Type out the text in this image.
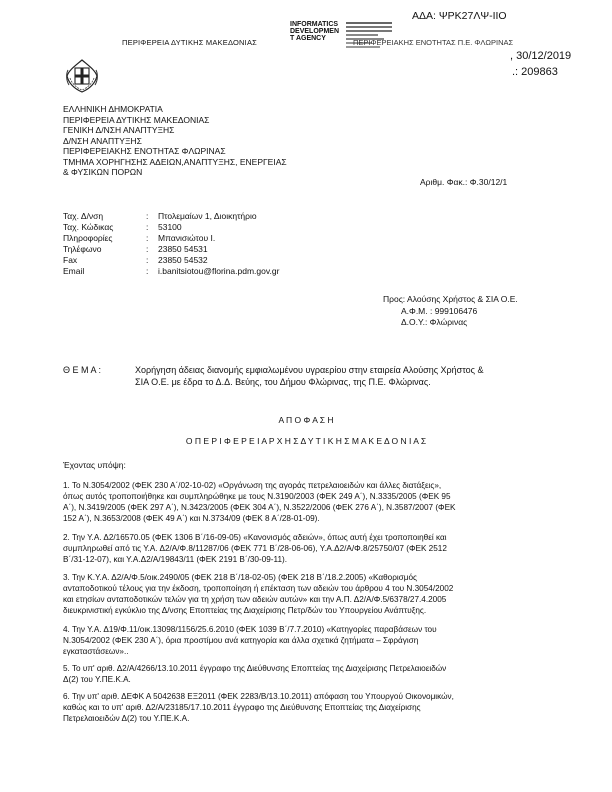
ΑΔΑ: ΨΡΚ27ΛΨ-ΙΙΟ
ΠΕΡΙΦΕΡΕΙΑ ΔΥΤΙΚΗΣ ΜΑΚΕΔΟΝΙΑΣ
INFORMATICS
DEVELOPMEN
T AGENCY	ΠΕΡΙΦΕΡΕΙΑΚΗΣ ΕΝΟΤΗΤΑΣ Π.Ε. ΦΛΩΡΙΝΑΣ
, 30/12/2019
.: 209863
ΕΛΛΗΝΙΚΗ ΔΗΜΟΚΡΑΤΙΑ
ΠΕΡΙΦΕΡΕΙΑ ΔΥΤΙΚΗΣ ΜΑΚΕΔΟΝΙΑΣ
ΓΕΝΙΚΗ Δ/ΝΣΗ ΑΝΑΠΤΥΞΗΣ
Δ/ΝΣΗ ΑΝΑΠΤΥΞΗΣ
ΠΕΡΙΦΕΡΕΙΑΚΗΣ ΕΝΟΤΗΤΑΣ ΦΛΩΡΙΝΑΣ
ΤΜΗΜΑ ΧΟΡΗΓΗΣΗΣ ΑΔΕΙΩΝ,ΑΝΑΠΤΥΞΗΣ, ΕΝΕΡΓΕΙΑΣ
& ΦΥΣΙΚΩΝ ΠΟΡΩΝ
Αριθμ. Φακ.: Φ.30/12/1
Ταχ. Δ/νση	:	Πτολεμαίων 1, Διοικητήριο
Ταχ. Κώδικας	:	53100
Πληροφορίες	:	Μπανισιώτου Ι.
Τηλέφωνο	:	23850 54531
Fax	:	23850 54532
Email	:	i.banitsiotou@florina.pdm.gov.gr
Προς: Αλούσης Χρήστος & ΣΙΑ Ο.Ε.
Α.Φ.Μ. : 999106476
Δ.Ο.Υ.: Φλώρινας
Θ Ε Μ Α :	Χορήγηση άδειας διανομής εμφιαλωμένου υγραερίου στην εταιρεία Αλούσης Χρήστος &
ΣΙΑ Ο.Ε. με έδρα το Δ.Δ. Βεύης, του Δήμου Φλώρινας, της Π.Ε. Φλώρινας.
Α Π Ο Φ Α Σ Η
Ο Π Ε Ρ Ι Φ Ε Ρ Ε Ι Α Ρ Χ Η Σ Δ Υ Τ Ι Κ Η Σ Μ Α Κ Ε Δ Ο Ν Ι Α Σ
Έχοντας υπόψη:
1. Το Ν.3054/2002 (ΦΕΚ 230 Α΄/02-10-02) «Οργάνωση της αγοράς πετρελαιοειδών και άλλες διατάξεις»,
όπως αυτός τροποποιήθηκε και συμπληρώθηκε με τους Ν.3190/2003 (ΦΕΚ 249 Α΄), Ν.3335/2005 (ΦΕΚ 95
Α΄), Ν.3419/2005 (ΦΕΚ 297 Α΄), Ν.3423/2005 (ΦΕΚ 304 Α΄), Ν.3522/2006 (ΦΕΚ 276 Α΄), Ν.3587/2007 (ΦΕΚ
152 Α΄), Ν.3653/2008 (ΦΕΚ 49 Α΄) και Ν.3734/09 (ΦΕΚ 8 Α΄/28-01-09).
2. Την Υ.Α. Δ2/16570.05 (ΦΕΚ 1306 Β΄/16-09-05) «Κανονισμός αδειών», όπως αυτή έχει τροποποιηθεί και
συμπληρωθεί από τις Υ.Α. Δ2/Α/Φ.8/11287/06 (ΦΕΚ 771 Β΄/28-06-06), Υ.Α.Δ2/Α/Φ.8/25750/07 (ΦΕΚ 2512
Β΄/31-12-07), και Υ.Α.Δ2/Α/19843/11 (ΦΕΚ 2191 Β΄/30-09-11).
3. Την Κ.Υ.Α. Δ2/Α/Φ.5/οικ.2490/05 (ΦΕΚ 218 Β΄/18-02-05) (ΦΕΚ 218 Β΄/18.2.2005) «Καθορισμός
ανταποδοτικού τέλους για την έκδοση, τροποποίηση ή επέκταση των αδειών του άρθρου 4 του Ν.3054/2002
και ετησίων ανταποδοτικών τελών για τη χρήση των αδειών αυτών» και την Α.Π. Δ2/Α/Φ.5/6378/27.4.2005
διευκρινιστική εγκύκλιο της Δ/νσης Εποπτείας της Διαχείρισης Πετρ/δών του Υπουργείου Ανάπτυξης.
4. Την Υ.Α. Δ19/Φ.11/οικ.13098/1156/25.6.2010 (ΦΕΚ 1039 Β΄/7.7.2010) «Κατηγορίες παραβάσεων του
Ν.3054/2002 (ΦΕΚ 230 Α΄), όρια προστίμου ανά κατηγορία και άλλα σχετικά ζητήματα – Σφράγιση
εγκαταστάσεων»..
5. Το υπ' αριθ. Δ2/Α/4266/13.10.2011 έγγραφο της Διεύθυνσης Εποπτείας της Διαχείρισης Πετρελαιοειδών
Δ(2) του Υ.ΠΕ.Κ.Α.
6. Την υπ' αριθ. ΔΕΦΚ Α 5042638 ΕΞ2011 (ΦΕΚ 2283/Β/13.10.2011) απόφαση του Υπουργού Οικονομικών,
καθώς και το υπ' αριθ. Δ2/Α/23185/17.10.2011 έγγραφο της Διεύθυνσης Εποπτείας της Διαχείρισης
Πετρελαιοειδών Δ(2) του Υ.ΠΕ.Κ.Α.
